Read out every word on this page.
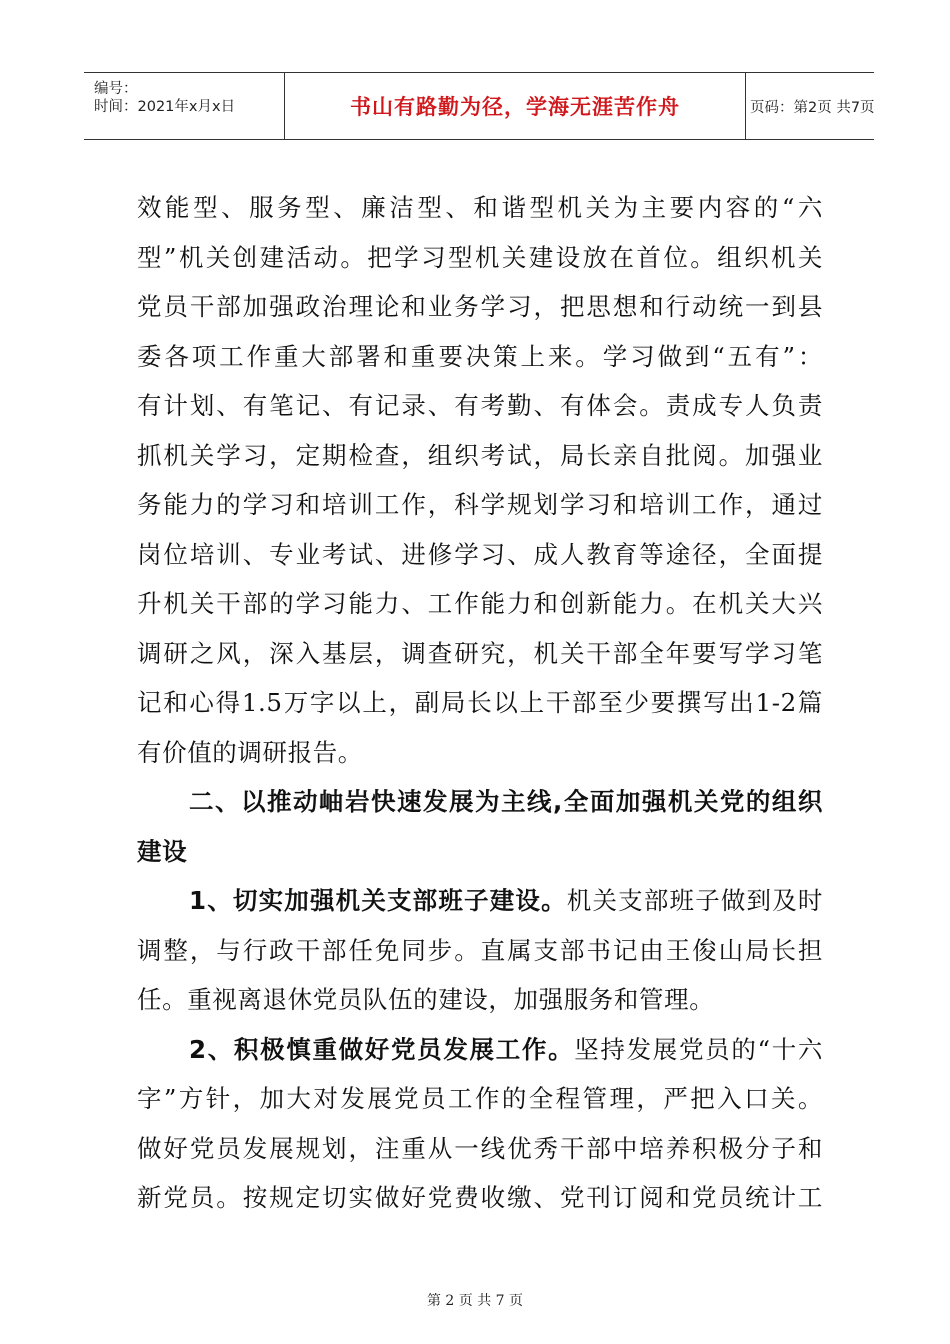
编号：
时间：2021年x月x日	书山有路勤为径，学海无涯苦作舟	页码：第2页 共7页
效能型、服务型、廉洁型、和谐型机关为主要内容的“六
型”机关创建活动。把学习型机关建设放在首位。组织机关
党员干部加强政治理论和业务学习，把思想和行动统一到县
委各项工作重大部署和重要决策上来。学习做到“五有”：
有计划、有笔记、有记录、有考勤、有体会。责成专人负责
抓机关学习，定期检查，组织考试，局长亲自批阅。加强业
务能力的学习和培训工作，科学规划学习和培训工作，通过
岗位培训、专业考试、进修学习、成人教育等途径，全面提
升机关干部的学习能力、工作能力和创新能力。在机关大兴
调研之风，深入基层，调查研究，机关干部全年要写学习笔
记和心得1.5万字以上，副局长以上干部至少要撰写出1-2篇
有价值的调研报告。
二、以推动岫岩快速发展为主线,全面加强机关党的组织
建设
1、切实加强机关支部班子建设。机关支部班子做到及时
调整，与行政干部任免同步。直属支部书记由王俊山局长担
任。重视离退休党员队伍的建设，加强服务和管理。
2、积极慎重做好党员发展工作。坚持发展党员的“十六
字”方针，加大对发展党员工作的全程管理，严把入口关。
做好党员发展规划，注重从一线优秀干部中培养积极分子和
新党员。按规定切实做好党费收缴、党刊订阅和党员统计工
第 2 页 共 7 页
